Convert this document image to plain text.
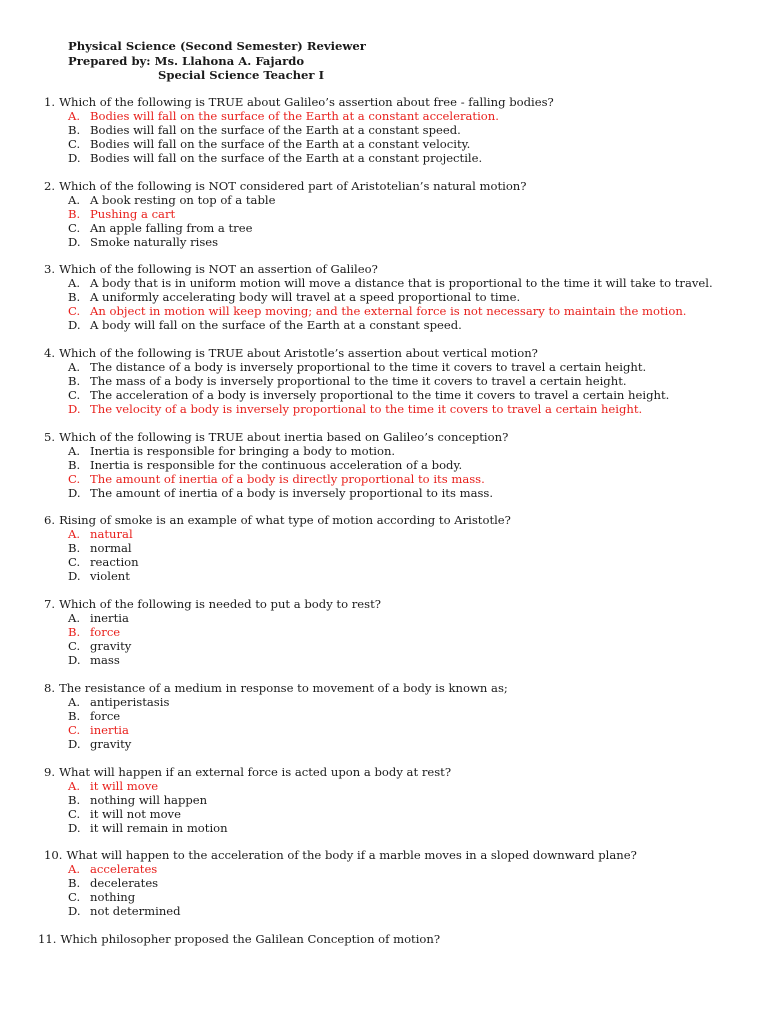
Physical Science (Second Semester) Reviewer
Prepared by: Ms. Llahona A. Fajardo
Special Science Teacher I
1. Which of the following is TRUE about Galileo’s assertion about free - falling bodies?
A. Bodies will fall on the surface of the Earth at a constant acceleration.
B. Bodies will fall on the surface of the Earth at a constant speed.
C. Bodies will fall on the surface of the Earth at a constant velocity.
D. Bodies will fall on the surface of the Earth at a constant projectile.
2. Which of the following is NOT considered part of Aristotelian’s natural motion?
A. A book resting on top of a table
B. Pushing a cart
C. An apple falling from a tree
D. Smoke naturally rises
3. Which of the following is NOT an assertion of Galileo?
A. A body that is in uniform motion will move a distance that is proportional to the time it will take to travel.
B. A uniformly accelerating body will travel at a speed proportional to time.
C. An object in motion will keep moving; and the external force is not necessary to maintain the motion.
D. A body will fall on the surface of the Earth at a constant speed.
4. Which of the following is TRUE about Aristotle’s assertion about vertical motion?
A. The distance of a body is inversely proportional to the time it covers to travel a certain height.
B. The mass of a body is inversely proportional to the time it covers to travel a certain height.
C. The acceleration of a body is inversely proportional to the time it covers to travel a certain height.
D. The velocity of a body is inversely proportional to the time it covers to travel a certain height.
5. Which of the following is TRUE about inertia based on Galileo’s conception?
A. Inertia is responsible for bringing a body to motion.
B. Inertia is responsible for the continuous acceleration of a body.
C. The amount of inertia of a body is directly proportional to its mass.
D. The amount of inertia of a body is inversely proportional to its mass.
6. Rising of smoke is an example of what type of motion according to Aristotle?
A. natural
B. normal
C. reaction
D. violent
7. Which of the following is needed to put a body to rest?
A. inertia
B. force
C. gravity
D. mass
8. The resistance of a medium in response to movement of a body is known as;
A. antiperistasis
B. force
C. inertia
D. gravity
9. What will happen if an external force is acted upon a body at rest?
A. it will move
B. nothing will happen
C. it will not move
D. it will remain in motion
10. What will happen to the acceleration of the body if a marble moves in a sloped downward plane?
A. accelerates
B. decelerates
C. nothing
D. not determined
11. Which philosopher proposed the Galilean Conception of motion?
